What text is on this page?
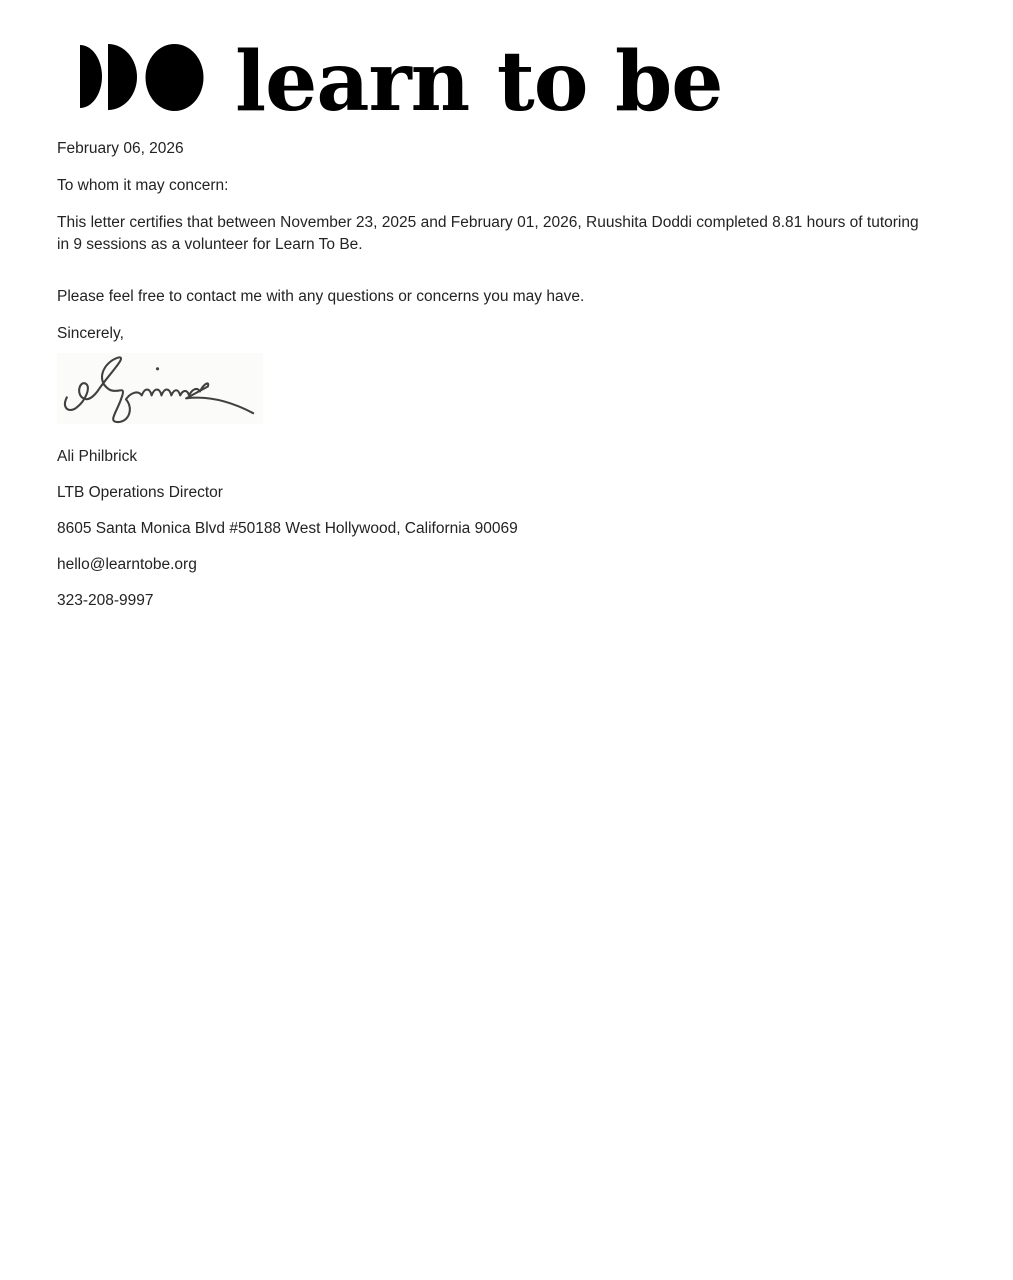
learn to be

February 06, 2026

To whom it may concern:

This letter certifies that between November 23, 2025 and February 01, 2026, Ruushita Doddi completed 8.81 hours of tutoring in 9 sessions as a volunteer for Learn To Be.

Please feel free to contact me with any questions or concerns you may have.

Sincerely,

Ali Philbrick

LTB Operations Director

8605 Santa Monica Blvd #50188 West Hollywood, California 90069

hello@learntobe.org

323-208-9997
